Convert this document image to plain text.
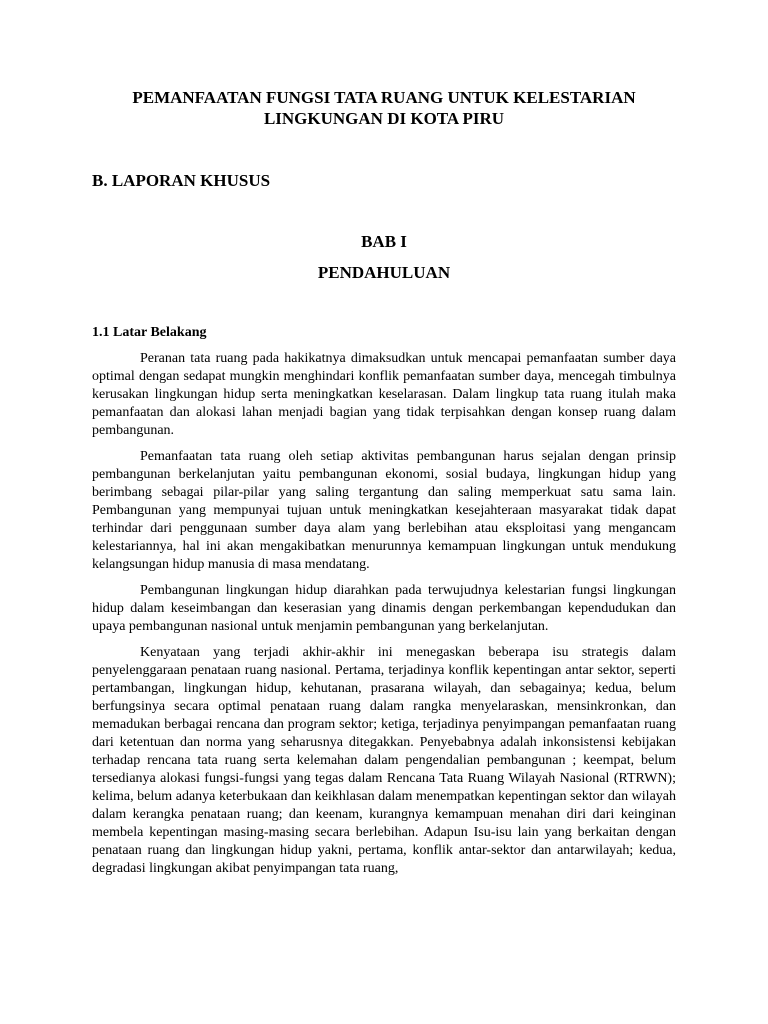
PEMANFAATAN FUNGSI TATA RUANG UNTUK KELESTARIAN
LINGKUNGAN DI KOTA PIRU
B. LAPORAN KHUSUS
BAB I
PENDAHULUAN
1.1 Latar Belakang

Peranan tata ruang pada hakikatnya dimaksudkan untuk mencapai pemanfaatan sumber daya optimal dengan sedapat mungkin menghindari konflik pemanfaatan sumber daya, mencegah timbulnya kerusakan lingkungan hidup serta meningkatkan keselarasan. Dalam lingkup tata ruang itulah maka pemanfaatan dan alokasi lahan menjadi bagian yang tidak terpisahkan dengan konsep ruang dalam pembangunan.

Pemanfaatan tata ruang oleh setiap aktivitas pembangunan harus sejalan dengan prinsip pembangunan berkelanjutan yaitu pembangunan ekonomi, sosial budaya, lingkungan hidup yang berimbang sebagai pilar-pilar yang saling tergantung dan saling memperkuat satu sama lain. Pembangunan yang mempunyai tujuan untuk meningkatkan kesejahteraan masyarakat tidak dapat terhindar dari penggunaan sumber daya alam yang berlebihan atau eksploitasi yang mengancam kelestariannya, hal ini akan mengakibatkan menurunnya kemampuan lingkungan untuk mendukung kelangsungan hidup manusia di masa mendatang.

Pembangunan lingkungan hidup diarahkan pada terwujudnya kelestarian fungsi lingkungan hidup dalam keseimbangan dan keserasian yang dinamis dengan perkembangan kependudukan dan upaya pembangunan nasional untuk menjamin pembangunan yang berkelanjutan.

Kenyataan yang terjadi akhir-akhir ini menegaskan beberapa isu strategis dalam penyelenggaraan penataan ruang nasional. Pertama, terjadinya konflik kepentingan antar sektor, seperti pertambangan, lingkungan hidup, kehutanan, prasarana wilayah, dan sebagainya; kedua, belum berfungsinya secara optimal penataan ruang dalam rangka menyelaraskan, mensinkronkan, dan memadukan berbagai rencana dan program sektor; ketiga, terjadinya penyimpangan pemanfaatan ruang dari ketentuan dan norma yang seharusnya ditegakkan. Penyebabnya adalah inkonsistensi kebijakan terhadap rencana tata ruang serta kelemahan dalam pengendalian pembangunan ; keempat, belum tersedianya alokasi fungsi-fungsi yang tegas dalam Rencana Tata Ruang Wilayah Nasional (RTRWN); kelima, belum adanya keterbukaan dan keikhlasan dalam menempatkan kepentingan sektor dan wilayah dalam kerangka penataan ruang; dan keenam, kurangnya kemampuan menahan diri dari keinginan membela kepentingan masing-masing secara berlebihan. Adapun Isu-isu lain yang berkaitan dengan penataan ruang dan lingkungan hidup yakni, pertama, konflik antar-sektor dan antarwilayah; kedua, degradasi lingkungan akibat penyimpangan tata ruang,
